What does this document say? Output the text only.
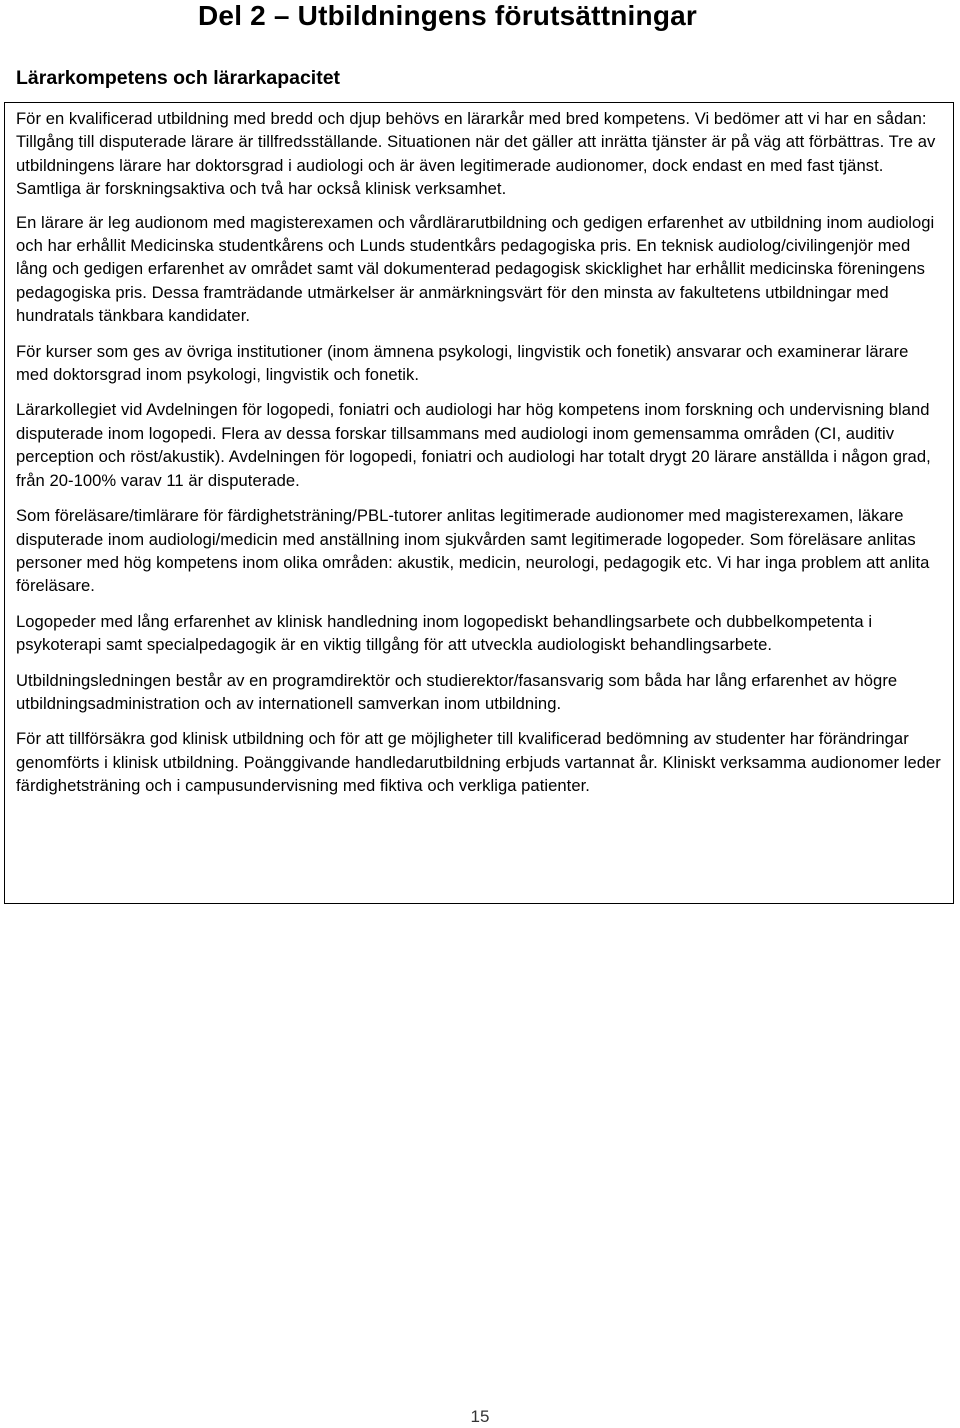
Del 2 – Utbildningens förutsättningar
Lärarkompetens och lärarkapacitet

För en kvalificerad utbildning med bredd och djup behövs en lärarkår med bred kompetens. Vi bedömer att vi har en sådan: Tillgång till disputerade lärare är tillfredsställande. Situationen när det gäller att inrätta tjänster är på väg att förbättras. Tre av utbildningens lärare har doktorsgrad i audiologi och är även legitimerade audionomer, dock endast en med fast tjänst. Samtliga är forskningsaktiva och två har också klinisk verksamhet.

En lärare är leg audionom med magisterexamen och vårdlärarutbildning och gedigen erfarenhet av utbildning inom audiologi och har erhållit Medicinska studentkårens och Lunds studentkårs pedagogiska pris. En teknisk audiolog/civilingenjör med lång och gedigen erfarenhet av området samt väl dokumenterad pedagogisk skicklighet har erhållit medicinska föreningens pedagogiska pris. Dessa framträdande utmärkelser är anmärkningsvärt för den minsta av fakultetens utbildningar med hundratals tänkbara kandidater.

För kurser som ges av övriga institutioner (inom ämnena psykologi, lingvistik och fonetik) ansvarar och examinerar lärare med doktorsgrad inom psykologi, lingvistik och fonetik.

Lärarkollegiet vid Avdelningen för logopedi, foniatri och audiologi har hög kompetens inom forskning och undervisning bland disputerade inom logopedi. Flera av dessa forskar tillsammans med audiologi inom gemensamma områden (CI, auditiv perception och röst/akustik). Avdelningen för logopedi, foniatri och audiologi har totalt drygt 20 lärare anställda i någon grad, från 20-100% varav 11 är disputerade.

Som föreläsare/timlärare för färdighetsträning/PBL-tutorer anlitas legitimerade audionomer med magisterexamen, läkare disputerade inom audiologi/medicin med anställning inom sjukvården samt legitimerade logopeder. Som föreläsare anlitas personer med hög kompetens inom olika områden: akustik, medicin, neurologi, pedagogik etc. Vi har inga problem att anlita föreläsare.

Logopeder med lång erfarenhet av klinisk handledning inom logopediskt behandlingsarbete och dubbelkompetenta i psykoterapi samt specialpedagogik är en viktig tillgång för att utveckla audiologiskt behandlingsarbete.

Utbildningsledningen består av en programdirektör och studierektor/fasansvarig som båda har lång erfarenhet av högre utbildningsadministration och av internationell samverkan inom utbildning.

För att tillförsäkra god klinisk utbildning och för att ge möjligheter till kvalificerad bedömning av studenter har förändringar genomförts i klinisk utbildning. Poänggivande handledarutbildning erbjuds vartannat år. Kliniskt verksamma audionomer leder färdighetsträning och i campusundervisning med fiktiva och verkliga patienter.

15
